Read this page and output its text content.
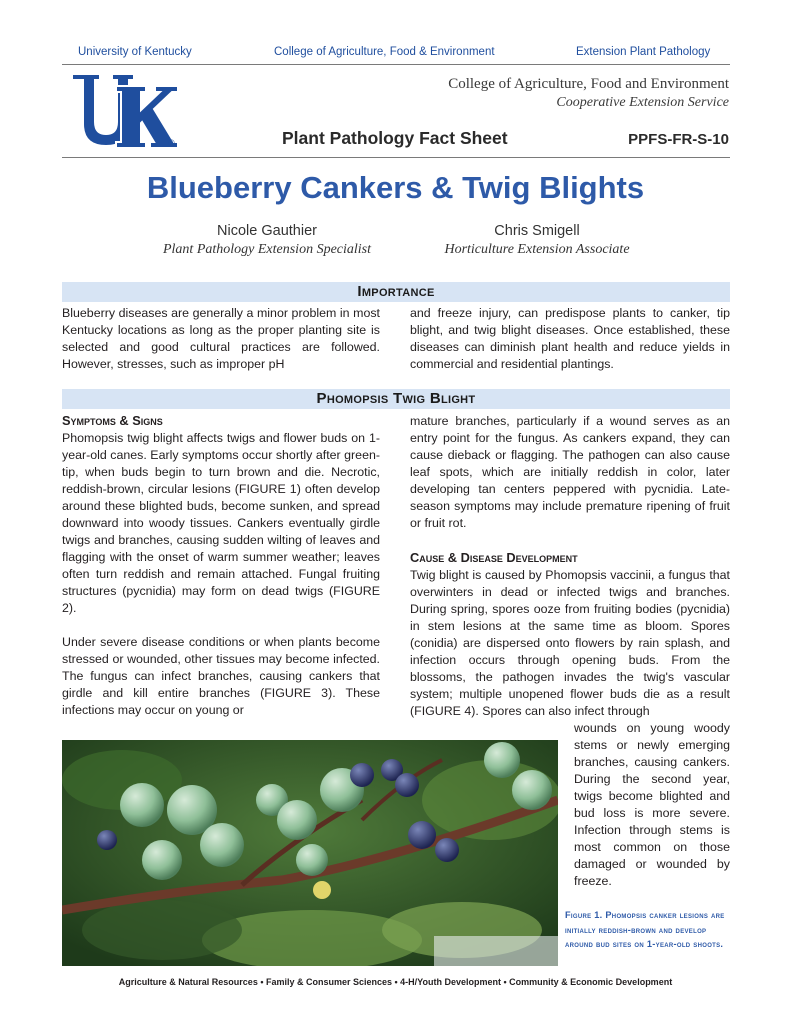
University of Kentucky	College of Agriculture, Food & Environment	Extension Plant Pathology
®
College of Agriculture, Food and Environment
Cooperative Extension Service
Plant Pathology Fact Sheet	PPFS-FR-S-10
Blueberry Cankers & Twig Blights
Nicole Gauthier
Plant Pathology Extension Specialist
Chris Smigell
Horticulture Extension Associate
Importance
Blueberry diseases are generally a minor problem in most Kentucky locations as long as the proper planting site is selected and good cultural practices are followed. However, stresses, such as improper pH
and freeze injury, can predispose plants to canker, tip blight, and twig blight diseases. Once established, these diseases can diminish plant health and reduce yields in commercial and residential plantings.
Phomopsis Twig Blight
Symptoms & Signs
Phomopsis twig blight affects twigs and flower buds on 1-year-old canes. Early symptoms occur shortly after green-tip, when buds begin to turn brown and die. Necrotic, reddish-brown, circular lesions (FIGURE 1) often develop around these blighted buds, become sunken, and spread downward into woody tissues. Cankers eventually girdle twigs and branches, causing sudden wilting of leaves and flagging with the onset of warm summer weather; leaves often turn reddish and remain attached. Fungal fruiting structures (pycnidia) may form on dead twigs (FIGURE 2).
Under severe disease conditions or when plants become stressed or wounded, other tissues may become infected. The fungus can infect branches, causing cankers that girdle and kill entire branches (FIGURE 3). These infections may occur on young or
mature branches, particularly if a wound serves as an entry point for the fungus. As cankers expand, they can cause dieback or flagging. The pathogen can also cause leaf spots, which are initially reddish in color, later developing tan centers peppered with pycnidia. Late-season symptoms may include premature ripening of fruit or fruit rot.
Cause & Disease Development
Twig blight is caused by Phomopsis vaccinii, a fungus that overwinters in dead or infected twigs and branches. During spring, spores ooze from fruiting bodies (pycnidia) in stem lesions at the same time as bloom. Spores (conidia) are dispersed onto flowers by rain splash, and infection occurs through opening buds. From the blossoms, the pathogen invades the twig's vascular system; multiple unopened flower buds die as a result (FIGURE 4). Spores can also infect through
wounds on young woody stems or newly emerging branches, causing cankers. During the second year, twigs become blighted and bud loss is more severe. Infection through stems is most common on those damaged or wounded by freeze.
Figure 1. Phomopsis canker lesions are initially reddish-brown and develop around bud sites on 1-year-old shoots.
Agriculture & Natural Resources • Family & Consumer Sciences • 4-H/Youth Development • Community & Economic Development
